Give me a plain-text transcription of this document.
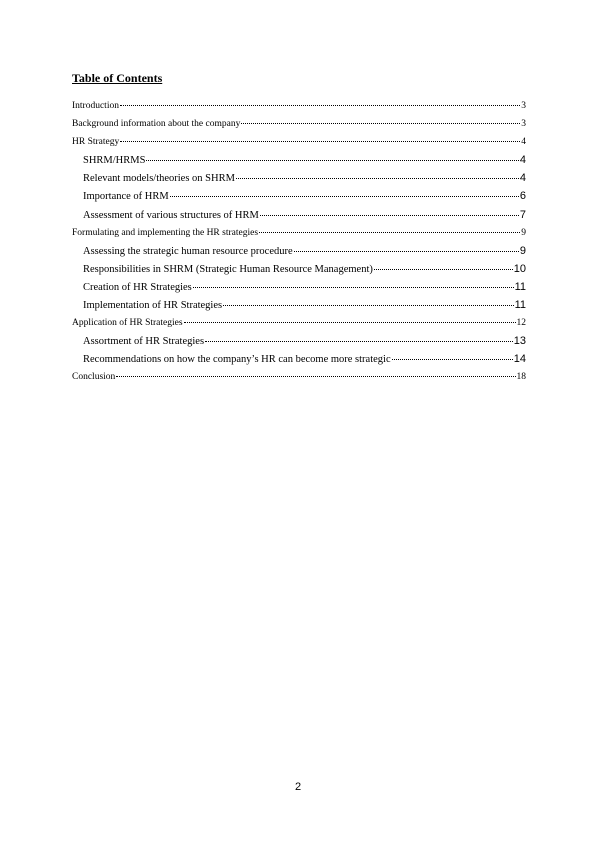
Table of Contents
Introduction	3
Background information about the company	3
HR Strategy	4
SHRM/HRMS	4
Relevant models/theories on SHRM	4
Importance of HRM	6
Assessment of various structures of HRM	7
Formulating and implementing the HR strategies	9
Assessing the strategic human resource procedure	9
Responsibilities in SHRM (Strategic Human Resource Management)	10
Creation of HR Strategies	11
Implementation of HR Strategies	11
Application of HR Strategies	12
Assortment of HR Strategies	13
Recommendations on how the company’s HR can become more strategic	14
Conclusion	18
2
